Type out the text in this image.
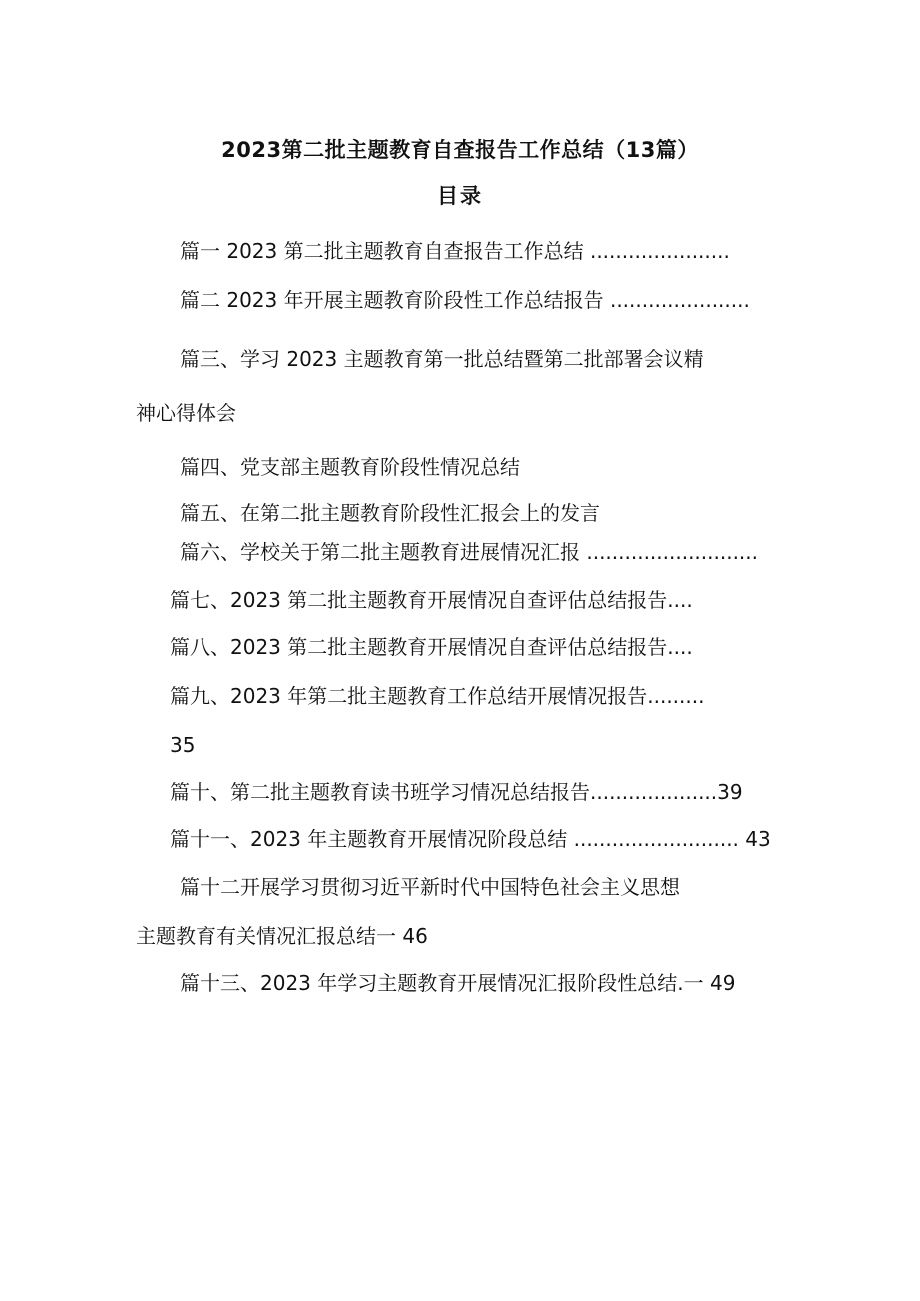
2023第二批主题教育自查报告工作总结（13篇）
目录
篇一 2023 第二批主题教育自查报告工作总结 ......................
篇二 2023 年开展主题教育阶段性工作总结报告 ......................
篇三、学习 2023 主题教育第一批总结暨第二批部署会议精
神心得体会
篇四、党支部主题教育阶段性情况总结
篇五、在第二批主题教育阶段性汇报会上的发言
篇六、学校关于第二批主题教育进展情况汇报 ...........................
篇七、2023 第二批主题教育开展情况自查评估总结报告....
篇八、2023 第二批主题教育开展情况自查评估总结报告....
篇九、2023 年第二批主题教育工作总结开展情况报告.........
35
篇十、第二批主题教育读书班学习情况总结报告....................39
篇十一、2023 年主题教育开展情况阶段总结 .......................... 43
篇十二开展学习贯彻习近平新时代中国特色社会主义思想
主题教育有关情况汇报总结一 46
篇十三、2023 年学习主题教育开展情况汇报阶段性总结.一 49
